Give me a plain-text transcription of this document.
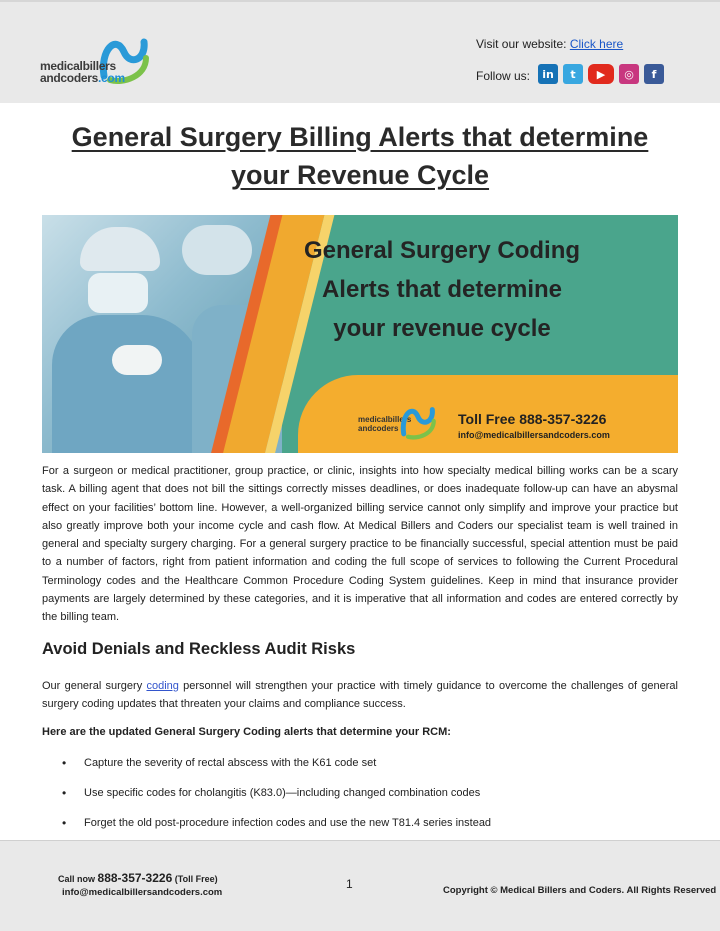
medicalbillers
andcoders.com
Visit our website: Click here
Follow us:	in	t	▶	◎	f
General Surgery Billing Alerts that determine
your Revenue Cycle
General Surgery Coding
Alerts that determine
your revenue cycle
medicalbillers
andcoders
Toll Free 888-357-3226
info@medicalbillersandcoders.com

For a surgeon or medical practitioner, group practice, or clinic, insights into how specialty medical billing works can be a scary task. A billing agent that does not bill the sittings correctly misses deadlines, or does inadequate follow-up can have an abysmal effect on your facilities’ bottom line. However, a well-organized billing service cannot only simplify and improve your practice but also greatly improve both your income cycle and cash flow. At Medical Billers and Coders our specialist team is well trained in general and specialty surgery charging. For a general surgery practice to be financially successful, special attention must be paid to a number of factors, right from patient information and coding the full scope of services to following the Current Procedural Terminology codes and the Healthcare Common Procedure Coding System guidelines. Keep in mind that insurance provider payments are largely determined by these categories, and it is imperative that all information and codes are entered correctly by the billing team.

Avoid Denials and Reckless Audit Risks

Our general surgery coding personnel will strengthen your practice with timely guidance to overcome the challenges of general surgery coding updates that threaten your claims and compliance success.

Here are the updated General Surgery Coding alerts that determine your RCM:

• Capture the severity of rectal abscess with the K61 code set
• Use specific codes for cholangitis (K83.0)—including changed combination codes
• Forget the old post-procedure infection codes and use the new T81.4 series instead
Call now 888-357-3226 (Toll Free)
info@medicalbillersandcoders.com
1	Copyright © Medical Billers and Coders. All Rights Reserved
